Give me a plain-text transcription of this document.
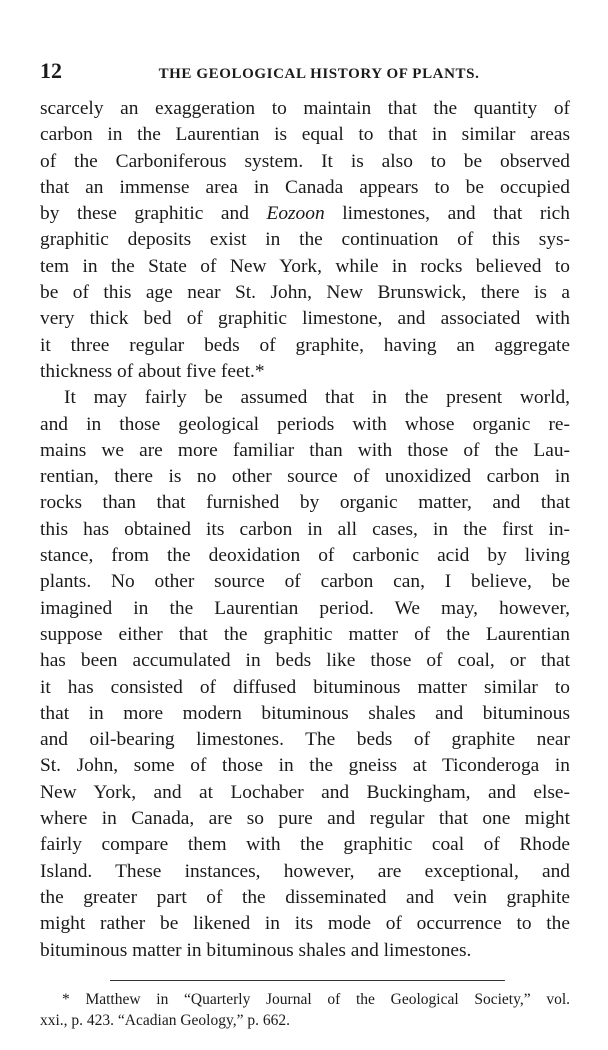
12	THE GEOLOGICAL HISTORY OF PLANTS.

scarcely an exaggeration to maintain that the quantity of
carbon in the Laurentian is equal to that in similar areas
of the Carboniferous system. It is also to be observed
that an immense area in Canada appears to be occupied
by these graphitic and Eozoon limestones, and that rich
graphitic deposits exist in the continuation of this sys-
tem in the State of New York, while in rocks believed to
be of this age near St. John, New Brunswick, there is a
very thick bed of graphitic limestone, and associated with
it three regular beds of graphite, having an aggregate
thickness of about five feet.*

It may fairly be assumed that in the present world,
and in those geological periods with whose organic re-
mains we are more familiar than with those of the Lau-
rentian, there is no other source of unoxidized carbon in
rocks than that furnished by organic matter, and that
this has obtained its carbon in all cases, in the first in-
stance, from the deoxidation of carbonic acid by living
plants. No other source of carbon can, I believe, be
imagined in the Laurentian period. We may, however,
suppose either that the graphitic matter of the Laurentian
has been accumulated in beds like those of coal, or that
it has consisted of diffused bituminous matter similar to
that in more modern bituminous shales and bituminous
and oil-bearing limestones. The beds of graphite near
St. John, some of those in the gneiss at Ticonderoga in
New York, and at Lochaber and Buckingham, and else-
where in Canada, are so pure and regular that one might
fairly compare them with the graphitic coal of Rhode
Island. These instances, however, are exceptional, and
the greater part of the disseminated and vein graphite
might rather be likened in its mode of occurrence to the
bituminous matter in bituminous shales and limestones.

* Matthew in “Quarterly Journal of the Geological Society,” vol.
xxi., p. 423. “Acadian Geology,” p. 662.
